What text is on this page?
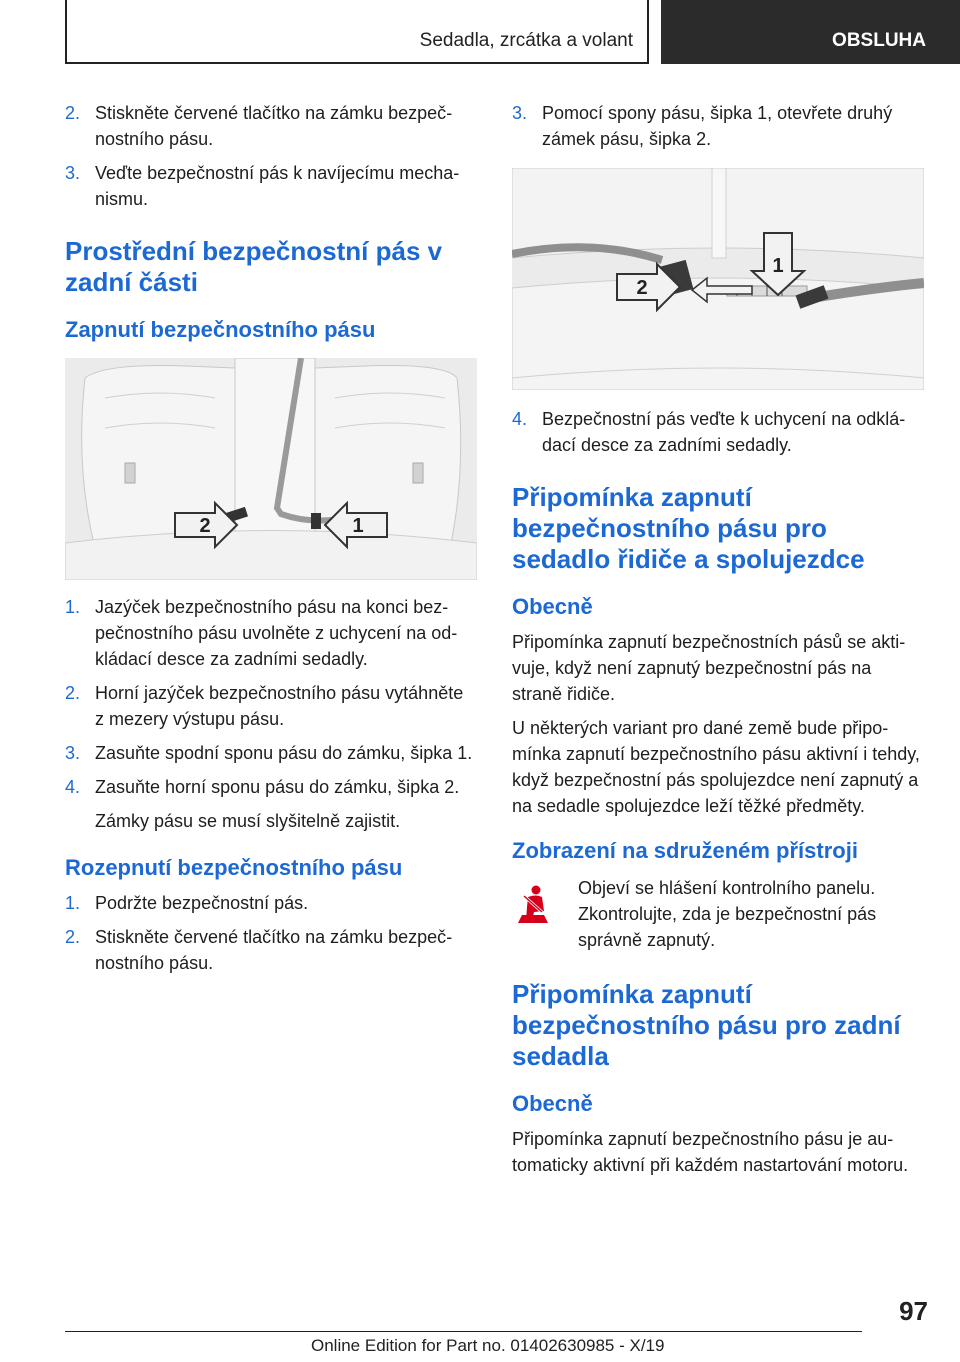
Sedadla, zrcátka a volant	OBSLUHA
2. Stiskněte červené tlačítko na zámku bezpečnostního pásu.
3. Veďte bezpečnostní pás k navíjecímu mechanismu.
Prostřední bezpečnostní pás v zadní části
Zapnutí bezpečnostního pásu
2	1
1. Jazýček bezpečnostního pásu na konci bezpečnostního pásu uvolněte z uchycení na odkládací desce za zadními sedadly.
2. Horní jazýček bezpečnostního pásu vytáhněte z mezery výstupu pásu.
3. Zasuňte spodní sponu pásu do zámku, šipka 1.
4. Zasuňte horní sponu pásu do zámku, šipka 2.
Zámky pásu se musí slyšitelně zajistit.
Rozepnutí bezpečnostního pásu
1. Podržte bezpečnostní pás.
2. Stiskněte červené tlačítko na zámku bezpečnostního pásu.
3. Pomocí spony pásu, šipka 1, otevřete druhý zámek pásu, šipka 2.
1
2
4. Bezpečnostní pás veďte k uchycení na odkládací desce za zadními sedadly.
Připomínka zapnutí bezpečnostního pásu pro sedadlo řidiče a spolujezdce
Obecně
Připomínka zapnutí bezpečnostních pásů se aktivuje, když není zapnutý bezpečnostní pás na straně řidiče.
U některých variant pro dané země bude připomínka zapnutí bezpečnostního pásu aktivní i tehdy, když bezpečnostní pás spolujezdce není zapnutý a na sedadle spolujezdce leží těžké předměty.
Zobrazení na sdruženém přístroji
Objeví se hlášení kontrolního panelu. Zkontrolujte, zda je bezpečnostní pás správně zapnutý.
Připomínka zapnutí bezpečnostního pásu pro zadní sedadla
Obecně
Připomínka zapnutí bezpečnostního pásu je automaticky aktivní při každém nastartování motoru.
97
Online Edition for Part no. 01402630985 - X/19
